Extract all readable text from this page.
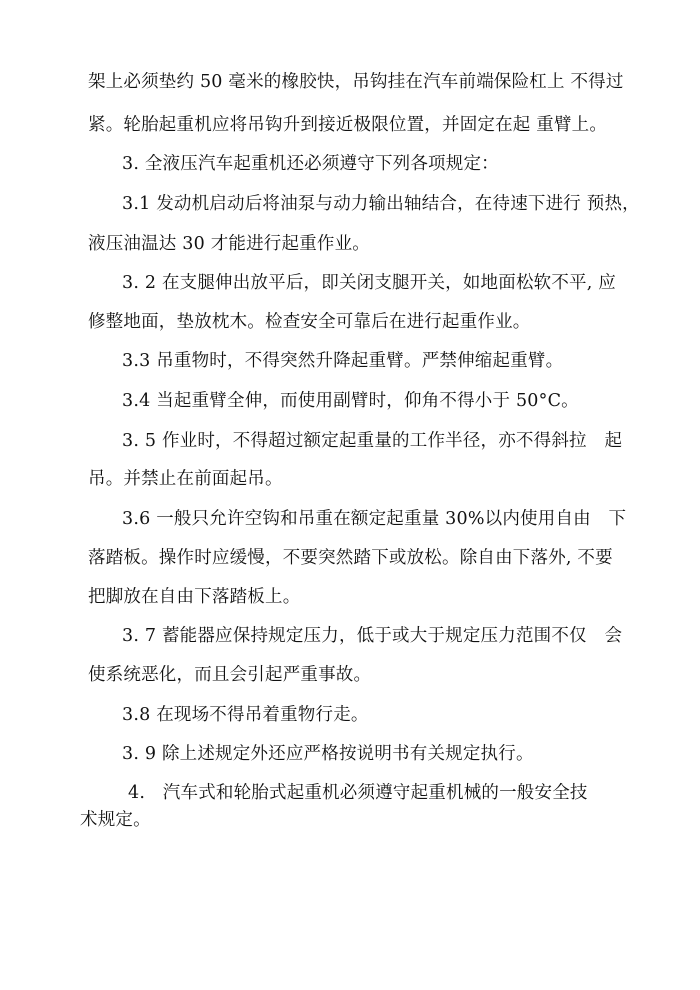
架上必须垫约 50 毫米的橡胶快，吊钩挂在汽车前端保险杠上 不得过
紧。轮胎起重机应将吊钩升到接近极限位置，并固定在起 重臂上。
3. 全液压汽车起重机还必须遵守下列各项规定：
3.1 发动机启动后将油泵与动力输出轴结合，在待速下进行 预热，
液压油温达 30 才能进行起重作业。
3. 2 在支腿伸出放平后，即关闭支腿开关，如地面松软不平, 应
修整地面，垫放枕木。检查安全可靠后在进行起重作业。
3.3 吊重物时，不得突然升降起重臂。严禁伸缩起重臂。
3.4 当起重臂全伸，而使用副臂时，仰角不得小于 50°C。
3. 5 作业时，不得超过额定起重量的工作半径，亦不得斜拉　起
吊。并禁止在前面起吊。
3.6 一般只允许空钩和吊重在额定起重量 30%以内使用自由　下
落踏板。操作时应缓慢，不要突然踏下或放松。除自由下落外, 不要
把脚放在自由下落踏板上。
3. 7 蓄能器应保持规定压力，低于或大于规定压力范围不仅　会
使系统恶化，而且会引起严重事故。
3.8 在现场不得吊着重物行走。
3. 9 除上述规定外还应严格按说明书有关规定执行。
4.　汽车式和轮胎式起重机必须遵守起重机械的一般安全技
术规定。
